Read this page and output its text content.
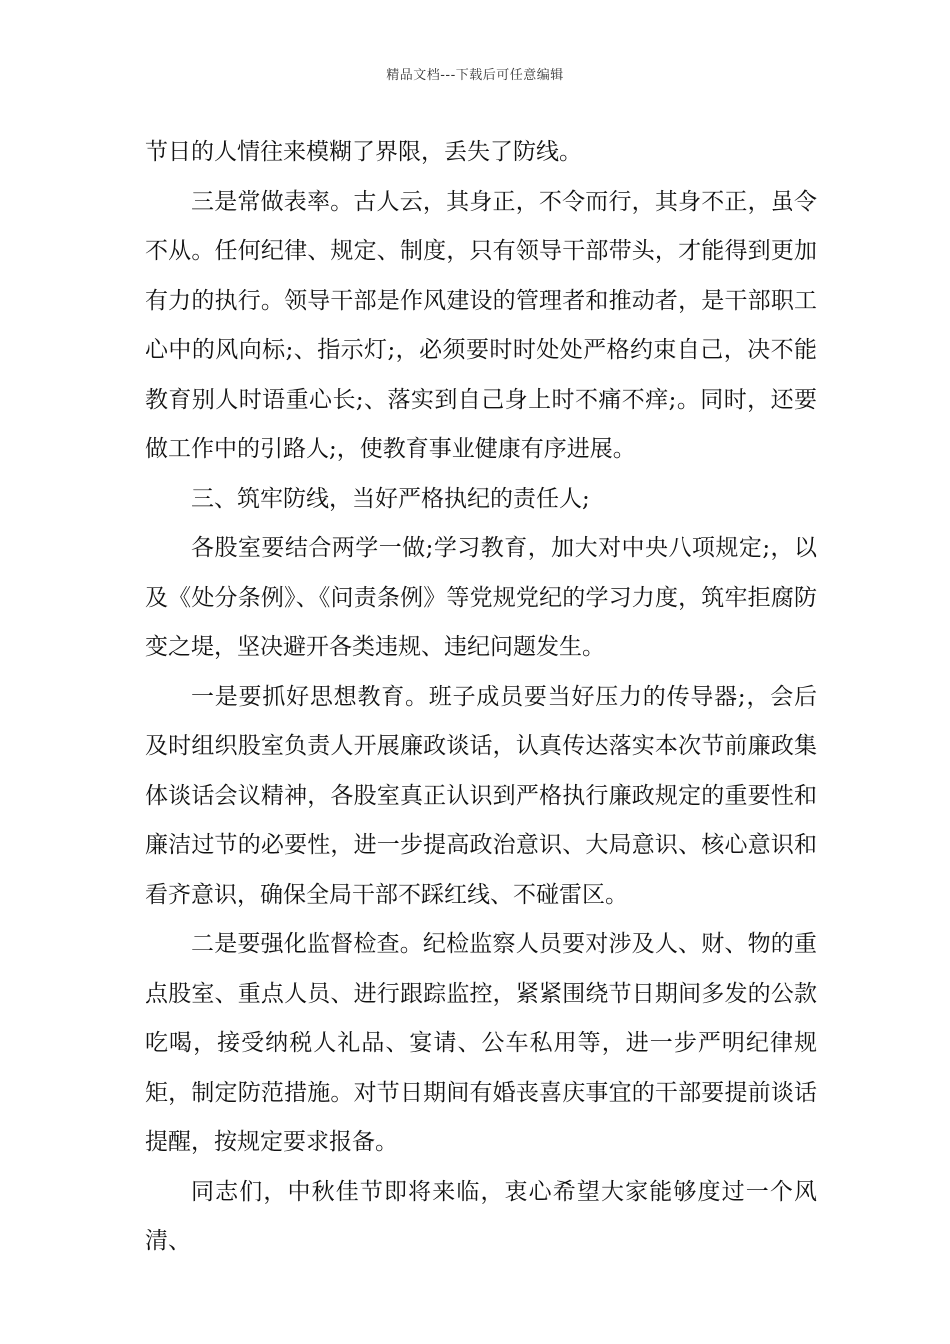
精品文档---下载后可任意编辑

节日的人情往来模糊了界限，丢失了防线。

三是常做表率。古人云，其身正，不令而行，其身不正，虽令不从。任何纪律、规定、制度，只有领导干部带头，才能得到更加有力的执行。领导干部是作风建设的管理者和推动者，是干部职工心中的风向标;、指示灯;，必须要时时处处严格约束自己，决不能教育别人时语重心长;、落实到自己身上时不痛不痒;。同时，还要做工作中的引路人;，使教育事业健康有序进展。

三、筑牢防线，当好严格执纪的责任人;

各股室要结合两学一做;学习教育，加大对中央八项规定;，以及《处分条例》、《问责条例》等党规党纪的学习力度，筑牢拒腐防变之堤，坚决避开各类违规、违纪问题发生。

一是要抓好思想教育。班子成员要当好压力的传导器;，会后及时组织股室负责人开展廉政谈话，认真传达落实本次节前廉政集体谈话会议精神，各股室真正认识到严格执行廉政规定的重要性和廉洁过节的必要性，进一步提高政治意识、大局意识、核心意识和看齐意识，确保全局干部不踩红线、不碰雷区。

二是要强化监督检查。纪检监察人员要对涉及人、财、物的重点股室、重点人员、进行跟踪监控，紧紧围绕节日期间多发的公款吃喝，接受纳税人礼品、宴请、公车私用等，进一步严明纪律规矩，制定防范措施。对节日期间有婚丧喜庆事宜的干部要提前谈话提醒，按规定要求报备。

同志们，中秋佳节即将来临，衷心希望大家能够度过一个风清、
